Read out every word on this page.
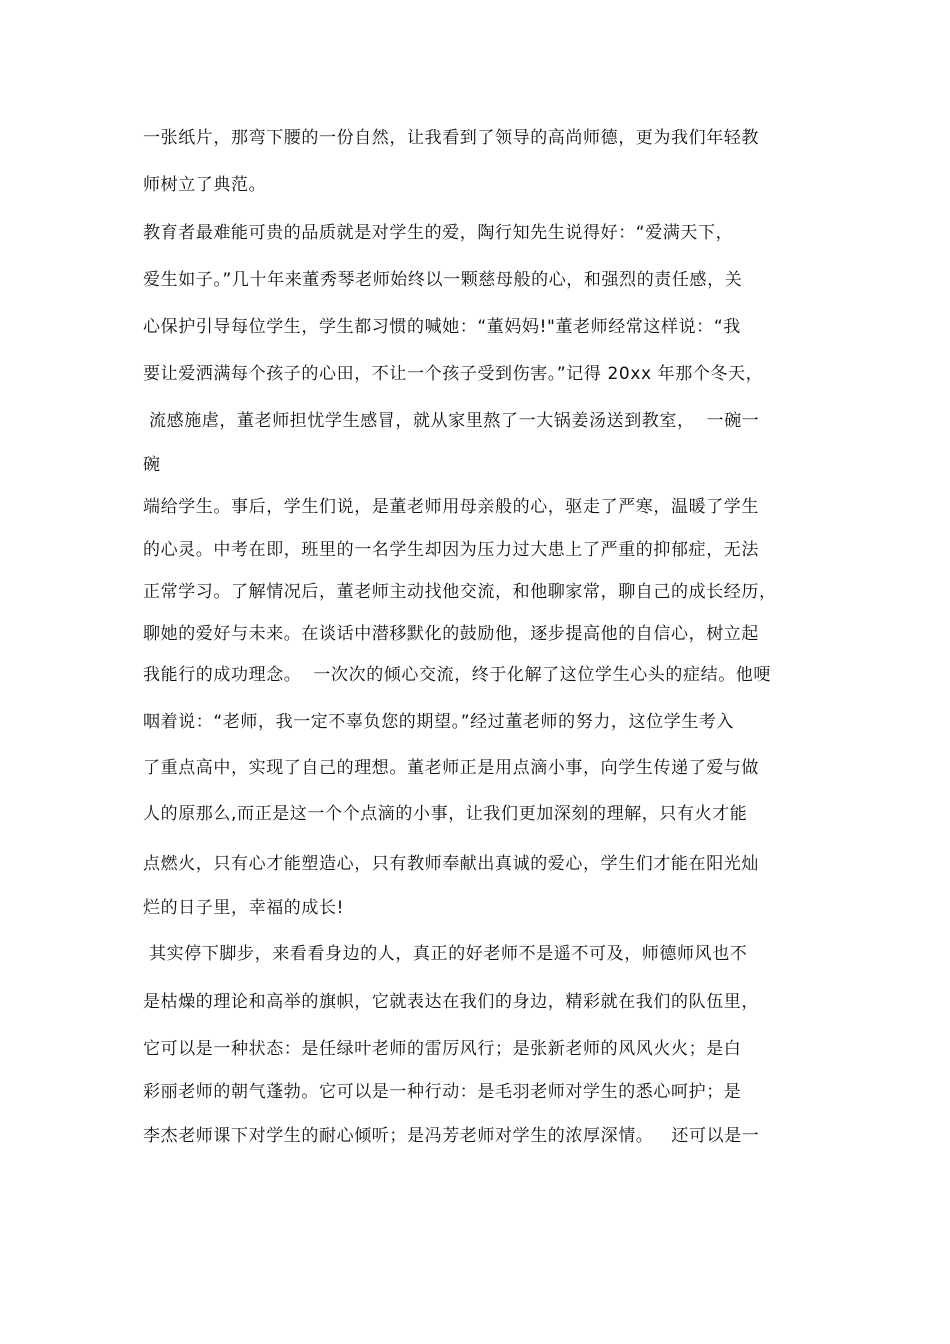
一张纸片，那弯下腰的一份自然，让我看到了领导的高尚师德，更为我们年轻教
师树立了典范。
教育者最难能可贵的品质就是对学生的爱，陶行知先生说得好：“爱满天下，
爱生如子。”几十年来董秀琴老师始终以一颗慈母般的心，和强烈的责任感，关
心保护引导每位学生，学生都习惯的喊她：“董妈妈!"董老师经常这样说：“我
要让爱洒满每个孩子的心田，不让一个孩子受到伤害。”记得 20xx 年那个冬天，
流感施虐，董老师担忧学生感冒，就从家里熬了一大锅姜汤送到教室，  一碗一
碗
端给学生。事后，学生们说，是董老师用母亲般的心，驱走了严寒，温暖了学生
的心灵。中考在即，班里的一名学生却因为压力过大患上了严重的抑郁症，无法
正常学习。了解情况后，董老师主动找他交流，和他聊家常，聊自己的成长经历，
聊她的爱好与未来。在谈话中潜移默化的鼓励他，逐步提高他的自信心，树立起
我能行的成功理念。  一次次的倾心交流，终于化解了这位学生心头的症结。他哽
咽着说：“老师，我一定不辜负您的期望。”经过董老师的努力，这位学生考入
了重点高中，实现了自己的理想。董老师正是用点滴小事，向学生传递了爱与做
人的原那么,而正是这一个个点滴的小事，让我们更加深刻的理解，只有火才能
点燃火，只有心才能塑造心，只有教师奉献出真诚的爱心，学生们才能在阳光灿
烂的日子里，幸福的成长!
其实停下脚步，来看看身边的人，真正的好老师不是遥不可及，师德师风也不
是枯燥的理论和高举的旗帜，它就表达在我们的身边，精彩就在我们的队伍里，
它可以是一种状态：是任绿叶老师的雷厉风行；是张新老师的风风火火；是白
彩丽老师的朝气蓬勃。它可以是一种行动：是毛羽老师对学生的悉心呵护；是
李杰老师课下对学生的耐心倾听；是冯芳老师对学生的浓厚深情。   还可以是一
